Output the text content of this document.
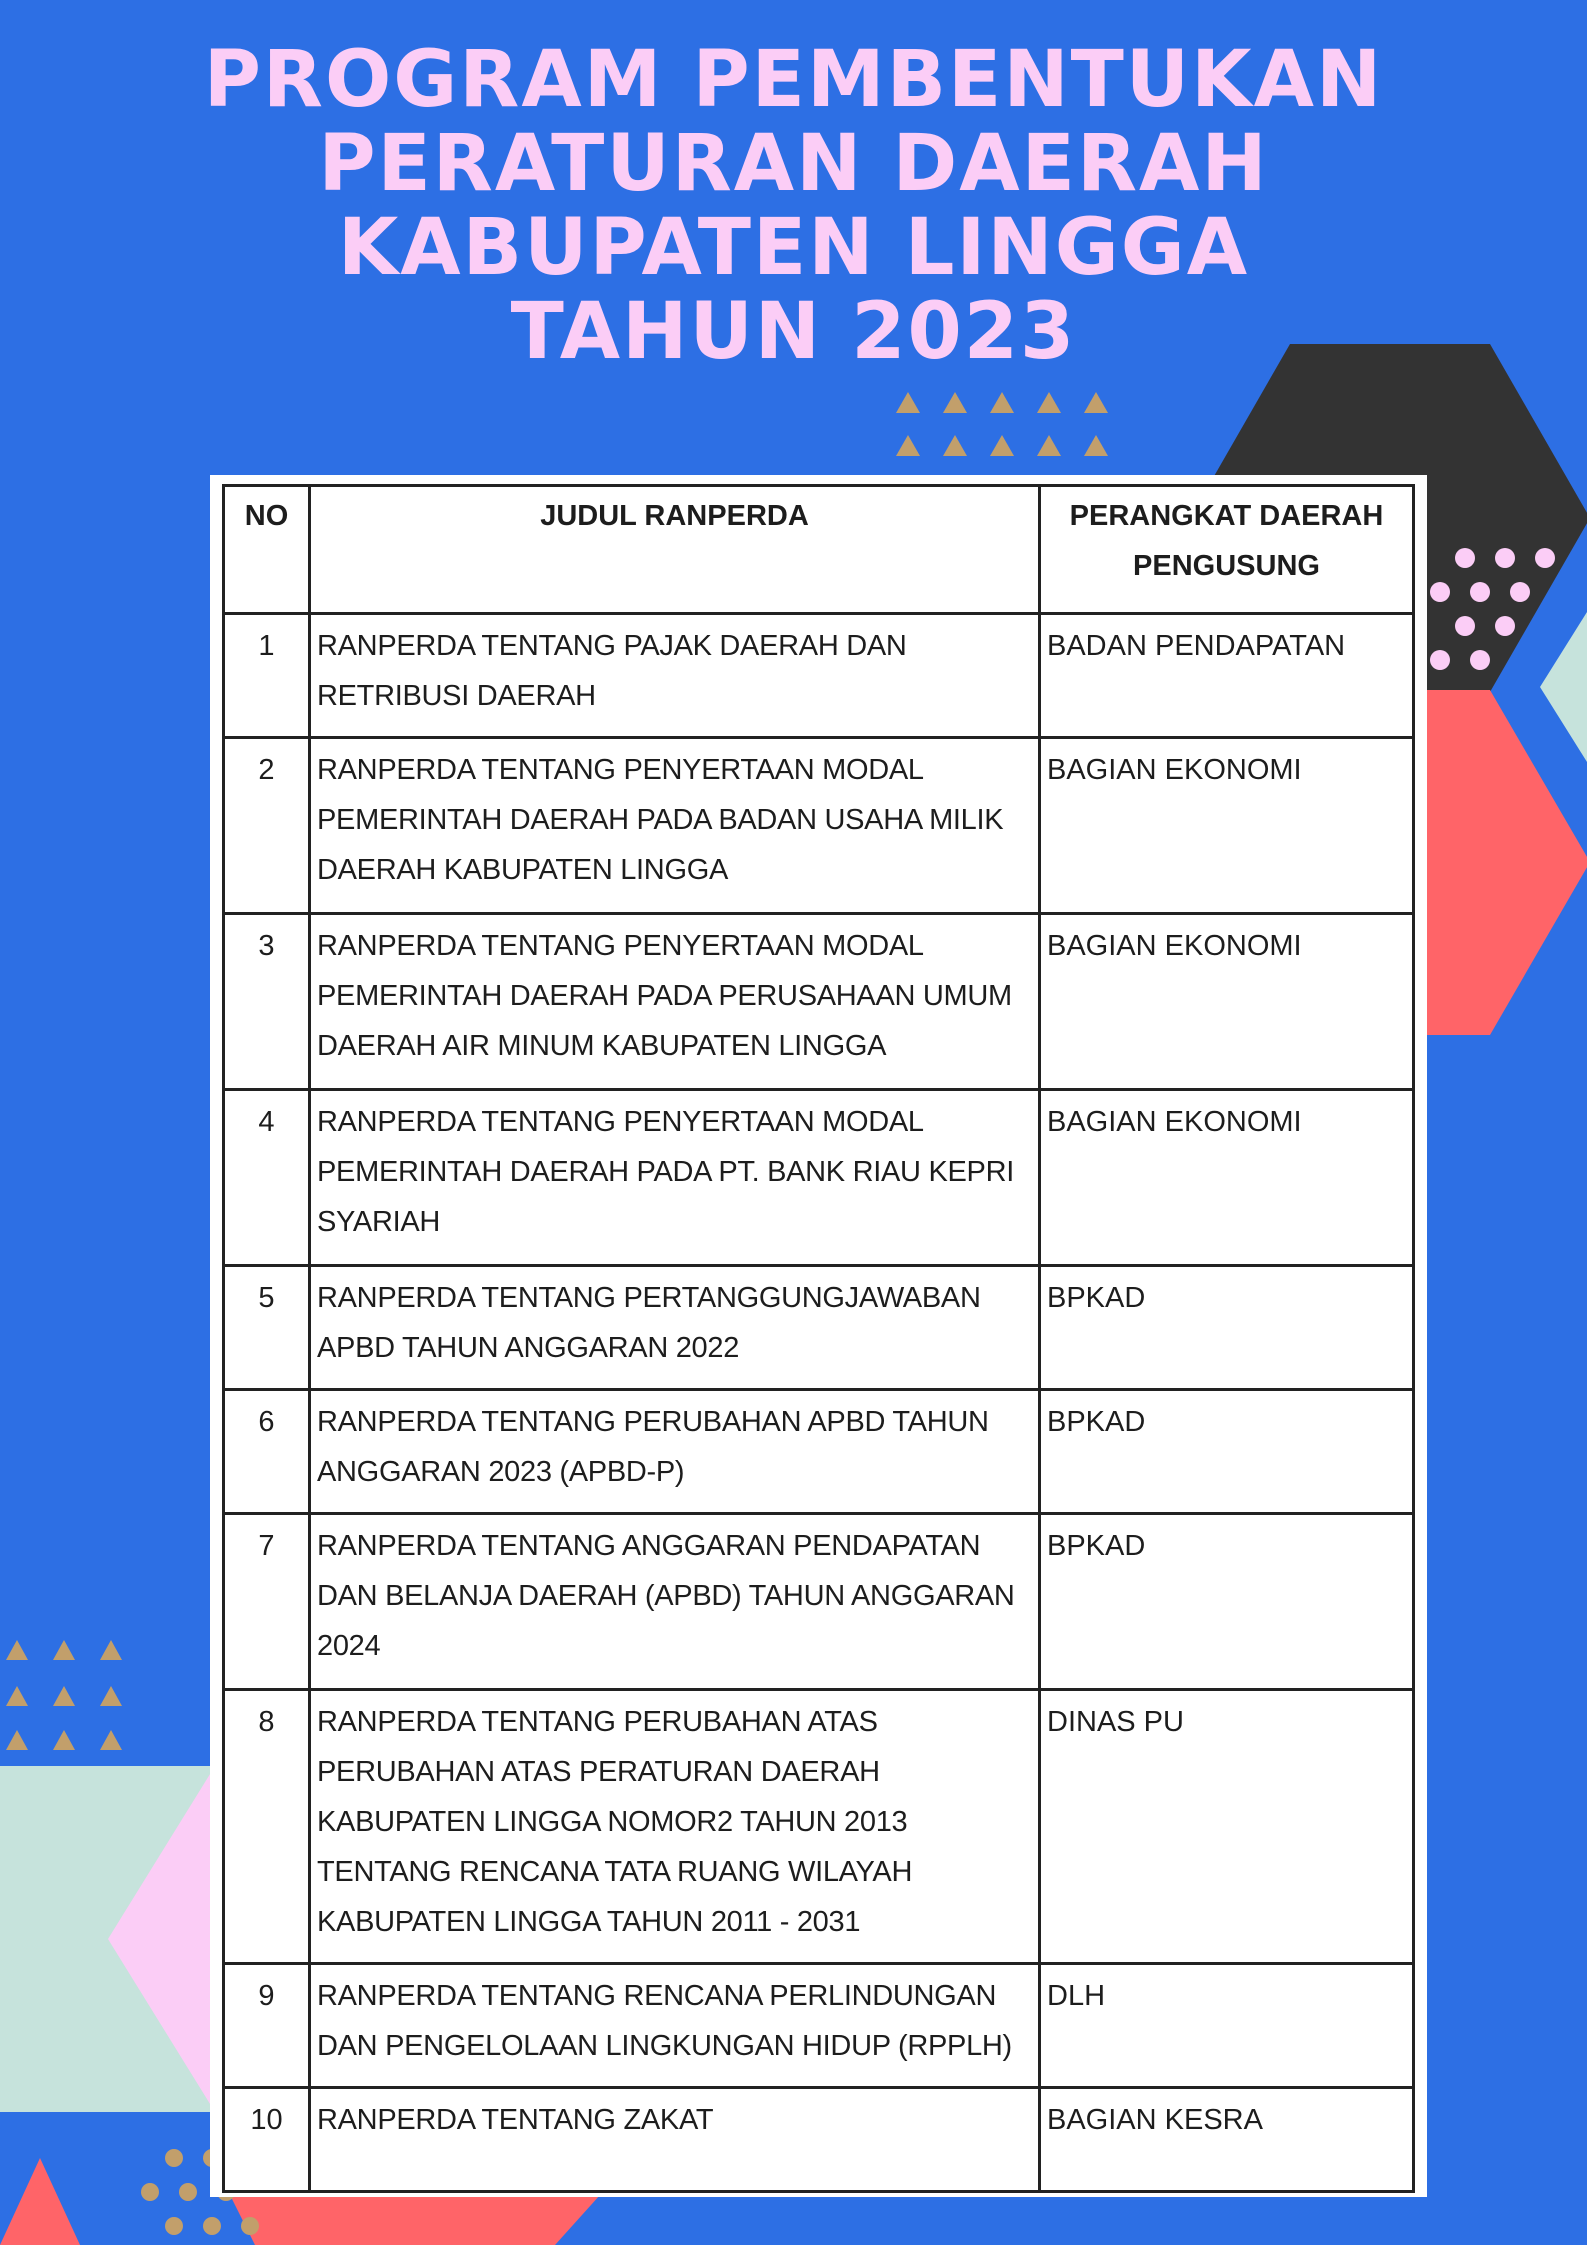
PROGRAM PEMBENTUKAN
PERATURAN DAERAH
KABUPATEN LINGGA
TAHUN 2023
NO	JUDUL RANPERDA	PERANGKAT DAERAH PENGUSUNG
1	RANPERDA TENTANG PAJAK DAERAH DAN RETRIBUSI DAERAH	BADAN PENDAPATAN

2	RANPERDA TENTANG PENYERTAAN MODAL PEMERINTAH DAERAH PADA BADAN USAHA MILIK DAERAH KABUPATEN LINGGA	BAGIAN EKONOMI

3	RANPERDA TENTANG PENYERTAAN MODAL PEMERINTAH DAERAH PADA PERUSAHAAN UMUM DAERAH AIR MINUM KABUPATEN LINGGA	BAGIAN EKONOMI

4	RANPERDA TENTANG PENYERTAAN MODAL PEMERINTAH DAERAH PADA PT. BANK RIAU KEPRI SYARIAH	BAGIAN EKONOMI

5	RANPERDA TENTANG PERTANGGUNGJAWABAN APBD TAHUN ANGGARAN 2022	BPKAD

6	RANPERDA TENTANG PERUBAHAN APBD TAHUN ANGGARAN 2023 (APBD-P)	BPKAD

7	RANPERDA TENTANG ANGGARAN PENDAPATAN DAN BELANJA DAERAH (APBD) TAHUN ANGGARAN 2024	BPKAD

8	RANPERDA TENTANG PERUBAHAN ATAS PERUBAHAN ATAS PERATURAN DAERAH KABUPATEN LINGGA NOMOR2 TAHUN 2013 TENTANG RENCANA TATA RUANG WILAYAH KABUPATEN LINGGA TAHUN 2011 - 2031	DINAS PU

9	RANPERDA TENTANG RENCANA PERLINDUNGAN DAN PENGELOLAAN LINGKUNGAN HIDUP (RPPLH)	DLH

10	RANPERDA TENTANG ZAKAT	BAGIAN KESRA
